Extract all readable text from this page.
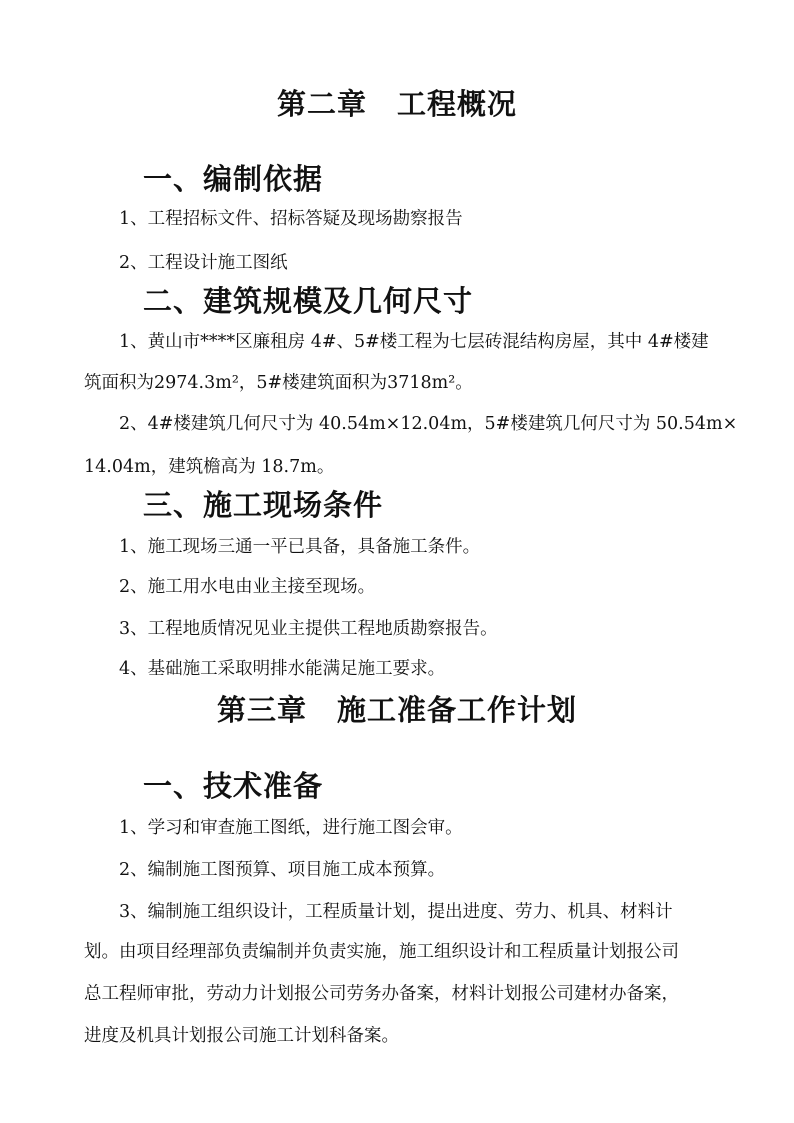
第二章　工程概况
一、编制依据
1、工程招标文件、招标答疑及现场勘察报告
2、工程设计施工图纸
二、建筑规模及几何尺寸
1、黄山市****区廉租房 4#、5#楼工程为七层砖混结构房屋，其中 4#楼建
筑面积为2974.3m²，5#楼建筑面积为3718m²。
2、4#楼建筑几何尺寸为 40.54m×12.04m，5#楼建筑几何尺寸为 50.54m×
14.04m，建筑檐高为 18.7m。
三、施工现场条件
1、施工现场三通一平已具备，具备施工条件。
2、施工用水电由业主接至现场。
3、工程地质情况见业主提供工程地质勘察报告。
4、基础施工采取明排水能满足施工要求。
第三章　施工准备工作计划
一、技术准备
1、学习和审查施工图纸，进行施工图会审。
2、编制施工图预算、项目施工成本预算。
3、编制施工组织设计，工程质量计划，提出进度、劳力、机具、材料计
划。由项目经理部负责编制并负责实施，施工组织设计和工程质量计划报公司
总工程师审批，劳动力计划报公司劳务办备案，材料计划报公司建材办备案，
进度及机具计划报公司施工计划科备案。
